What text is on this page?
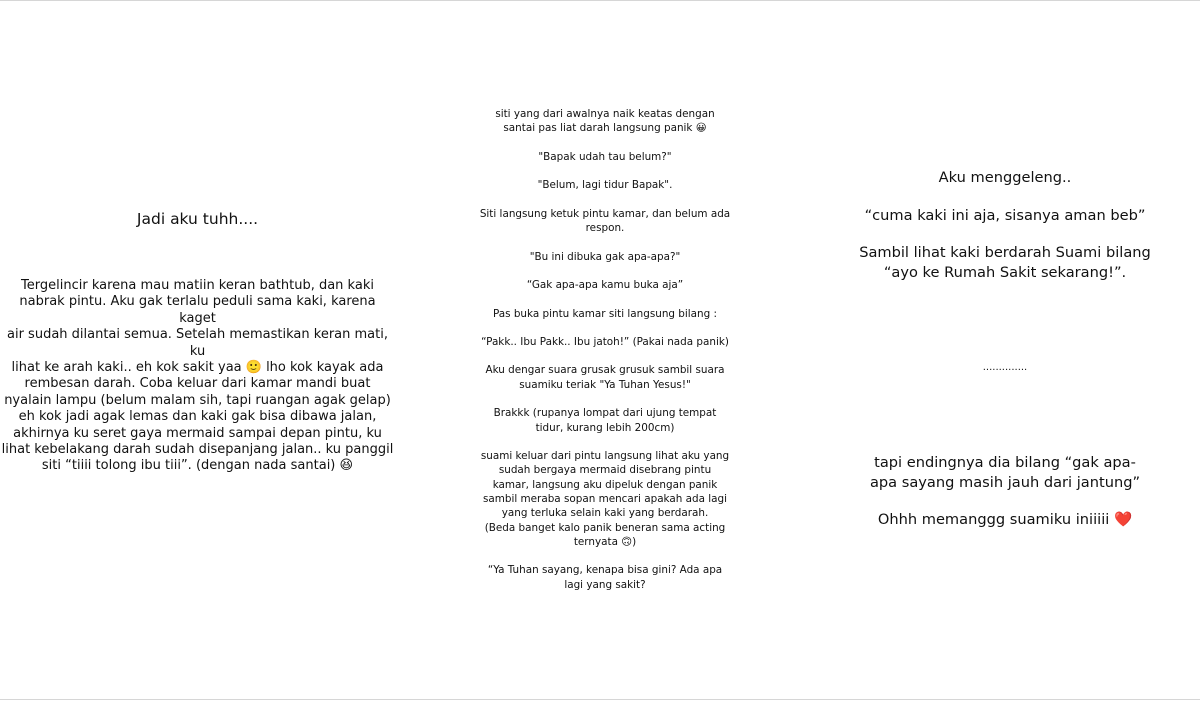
Jadi aku tuhh....

Tergelincir karena mau matiin keran bathtub, dan kaki
nabrak pintu. Aku gak terlalu peduli sama kaki, karena kaget
air sudah dilantai semua. Setelah memastikan keran mati, ku
lihat ke arah kaki.. eh kok sakit yaa 🙂 lho kok kayak ada
rembesan darah. Coba keluar dari kamar mandi buat
nyalain lampu (belum malam sih, tapi ruangan agak gelap)
eh kok jadi agak lemas dan kaki gak bisa dibawa jalan,
akhirnya ku seret gaya mermaid sampai depan pintu, ku
lihat kebelakang darah sudah disepanjang jalan.. ku panggil
siti “tiiii tolong ibu tiii”. (dengan nada santai) 😆

siti yang dari awalnya naik keatas dengan
santai pas liat darah langsung panik 😀

"Bapak udah tau belum?"

"Belum, lagi tidur Bapak".

Siti langsung ketuk pintu kamar, dan belum ada
respon.

"Bu ini dibuka gak apa-apa?"

“Gak apa-apa kamu buka aja”

Pas buka pintu kamar siti langsung bilang :

“Pakk.. Ibu Pakk.. Ibu jatoh!” (Pakai nada panik)

Aku dengar suara grusak grusuk sambil suara
suamiku teriak "Ya Tuhan Yesus!"

Brakkk (rupanya lompat dari ujung tempat
tidur, kurang lebih 200cm)

suami keluar dari pintu langsung lihat aku yang
sudah bergaya mermaid disebrang pintu
kamar, langsung aku dipeluk dengan panik
sambil meraba sopan mencari apakah ada lagi
yang terluka selain kaki yang berdarah.
(Beda banget kalo panik beneran sama acting
ternyata 🙃)

“Ya Tuhan sayang, kenapa bisa gini? Ada apa
lagi yang sakit?

Aku menggeleng..

“cuma kaki ini aja, sisanya aman beb”

Sambil lihat kaki berdarah Suami bilang
“ayo ke Rumah Sakit sekarang!”.

..............

tapi endingnya dia bilang “gak apa-
apa sayang masih jauh dari jantung”

Ohhh memanggg suamiku iniiiii ❤️
